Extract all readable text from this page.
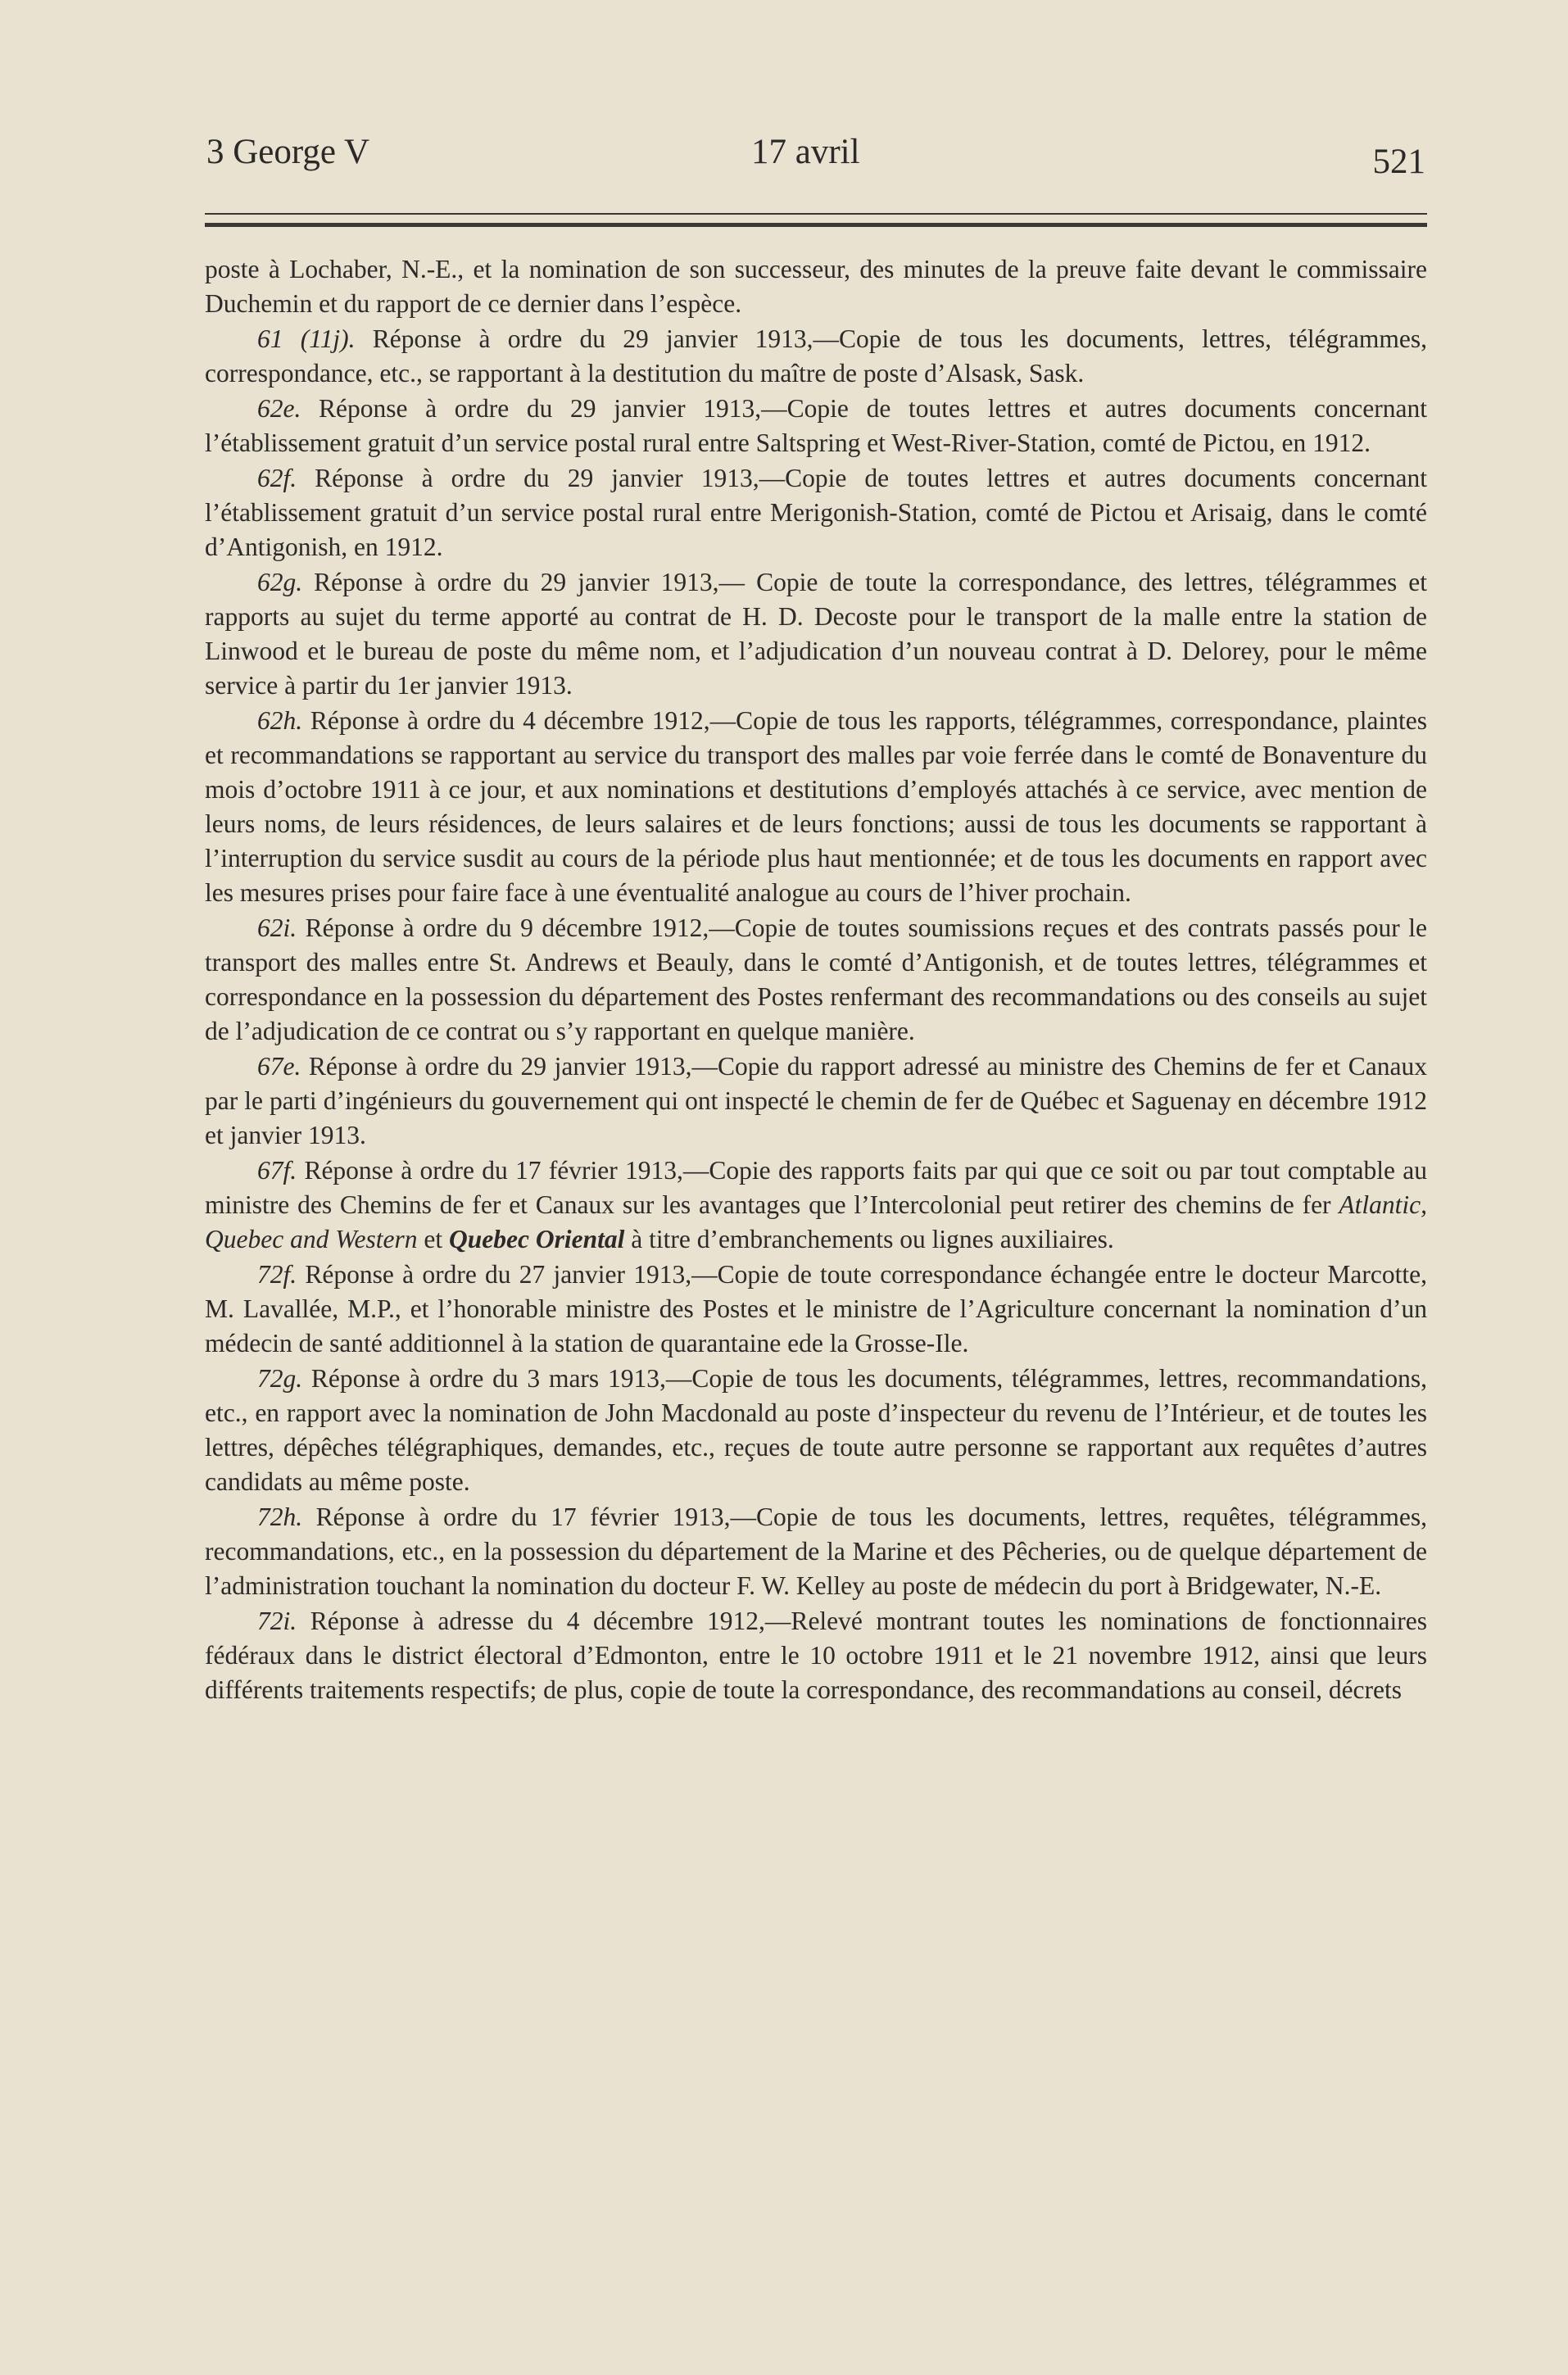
3 George V	17 avril	521

poste à Lochaber, N.-E., et la nomination de son successeur, des minutes de la preuve faite devant le commissaire Duchemin et du rapport de ce dernier dans l’espèce.

61 (11j). Réponse à ordre du 29 janvier 1913,—Copie de tous les documents, lettres, télégrammes, correspondance, etc., se rapportant à la destitution du maître de poste d’Alsask, Sask.

62e. Réponse à ordre du 29 janvier 1913,—Copie de toutes lettres et autres documents concernant l’établissement gratuit d’un service postal rural entre Saltspring et West-River-Station, comté de Pictou, en 1912.

62f. Réponse à ordre du 29 janvier 1913,—Copie de toutes lettres et autres documents concernant l’établissement gratuit d’un service postal rural entre Merigonish-Station, comté de Pictou et Arisaig, dans le comté d’Antigonish, en 1912.

62g. Réponse à ordre du 29 janvier 1913,— Copie de toute la correspondance, des lettres, télégrammes et rapports au sujet du terme apporté au contrat de H. D. Decoste pour le transport de la malle entre la station de Linwood et le bureau de poste du même nom, et l’adjudication d’un nouveau contrat à D. Delorey, pour le même service à partir du 1er janvier 1913.

62h. Réponse à ordre du 4 décembre 1912,—Copie de tous les rapports, télégrammes, correspondance, plaintes et recommandations se rapportant au service du transport des malles par voie ferrée dans le comté de Bonaventure du mois d’octobre 1911 à ce jour, et aux nominations et destitutions d’employés attachés à ce service, avec mention de leurs noms, de leurs résidences, de leurs salaires et de leurs fonctions; aussi de tous les documents se rapportant à l’interruption du service susdit au cours de la période plus haut mentionnée; et de tous les documents en rapport avec les mesures prises pour faire face à une éventualité analogue au cours de l’hiver prochain.

62i. Réponse à ordre du 9 décembre 1912,—Copie de toutes soumissions reçues et des contrats passés pour le transport des malles entre St. Andrews et Beauly, dans le comté d’Antigonish, et de toutes lettres, télégrammes et correspondance en la possession du département des Postes renfermant des recommandations ou des conseils au sujet de l’adjudication de ce contrat ou s’y rapportant en quelque manière.

67e. Réponse à ordre du 29 janvier 1913,—Copie du rapport adressé au ministre des Chemins de fer et Canaux par le parti d’ingénieurs du gouvernement qui ont inspecté le chemin de fer de Québec et Saguenay en décembre 1912 et janvier 1913.

67f. Réponse à ordre du 17 février 1913,—Copie des rapports faits par qui que ce soit ou par tout comptable au ministre des Chemins de fer et Canaux sur les avantages que l’Intercolonial peut retirer des chemins de fer Atlantic, Quebec and Western et Quebec Oriental à titre d’embranchements ou lignes auxiliaires.

72f. Réponse à ordre du 27 janvier 1913,—Copie de toute correspondance échangée entre le docteur Marcotte, M. Lavallée, M.P., et l’honorable ministre des Postes et le ministre de l’Agriculture concernant la nomination d’un médecin de santé additionnel à la station de quarantaine ede la Grosse-Ile.

72g. Réponse à ordre du 3 mars 1913,—Copie de tous les documents, télégrammes, lettres, recommandations, etc., en rapport avec la nomination de John Macdonald au poste d’inspecteur du revenu de l’Intérieur, et de toutes les lettres, dépêches télégraphiques, demandes, etc., reçues de toute autre personne se rapportant aux requêtes d’autres candidats au même poste.

72h. Réponse à ordre du 17 février 1913,—Copie de tous les documents, lettres, requêtes, télégrammes, recommandations, etc., en la possession du département de la Marine et des Pêcheries, ou de quelque département de l’administration touchant la nomination du docteur F. W. Kelley au poste de médecin du port à Bridgewater, N.-E.

72i. Réponse à adresse du 4 décembre 1912,—Relevé montrant toutes les nominations de fonctionnaires fédéraux dans le district électoral d’Edmonton, entre le 10 octobre 1911 et le 21 novembre 1912, ainsi que leurs différents traitements respectifs; de plus, copie de toute la correspondance, des recommandations au conseil, décrets
